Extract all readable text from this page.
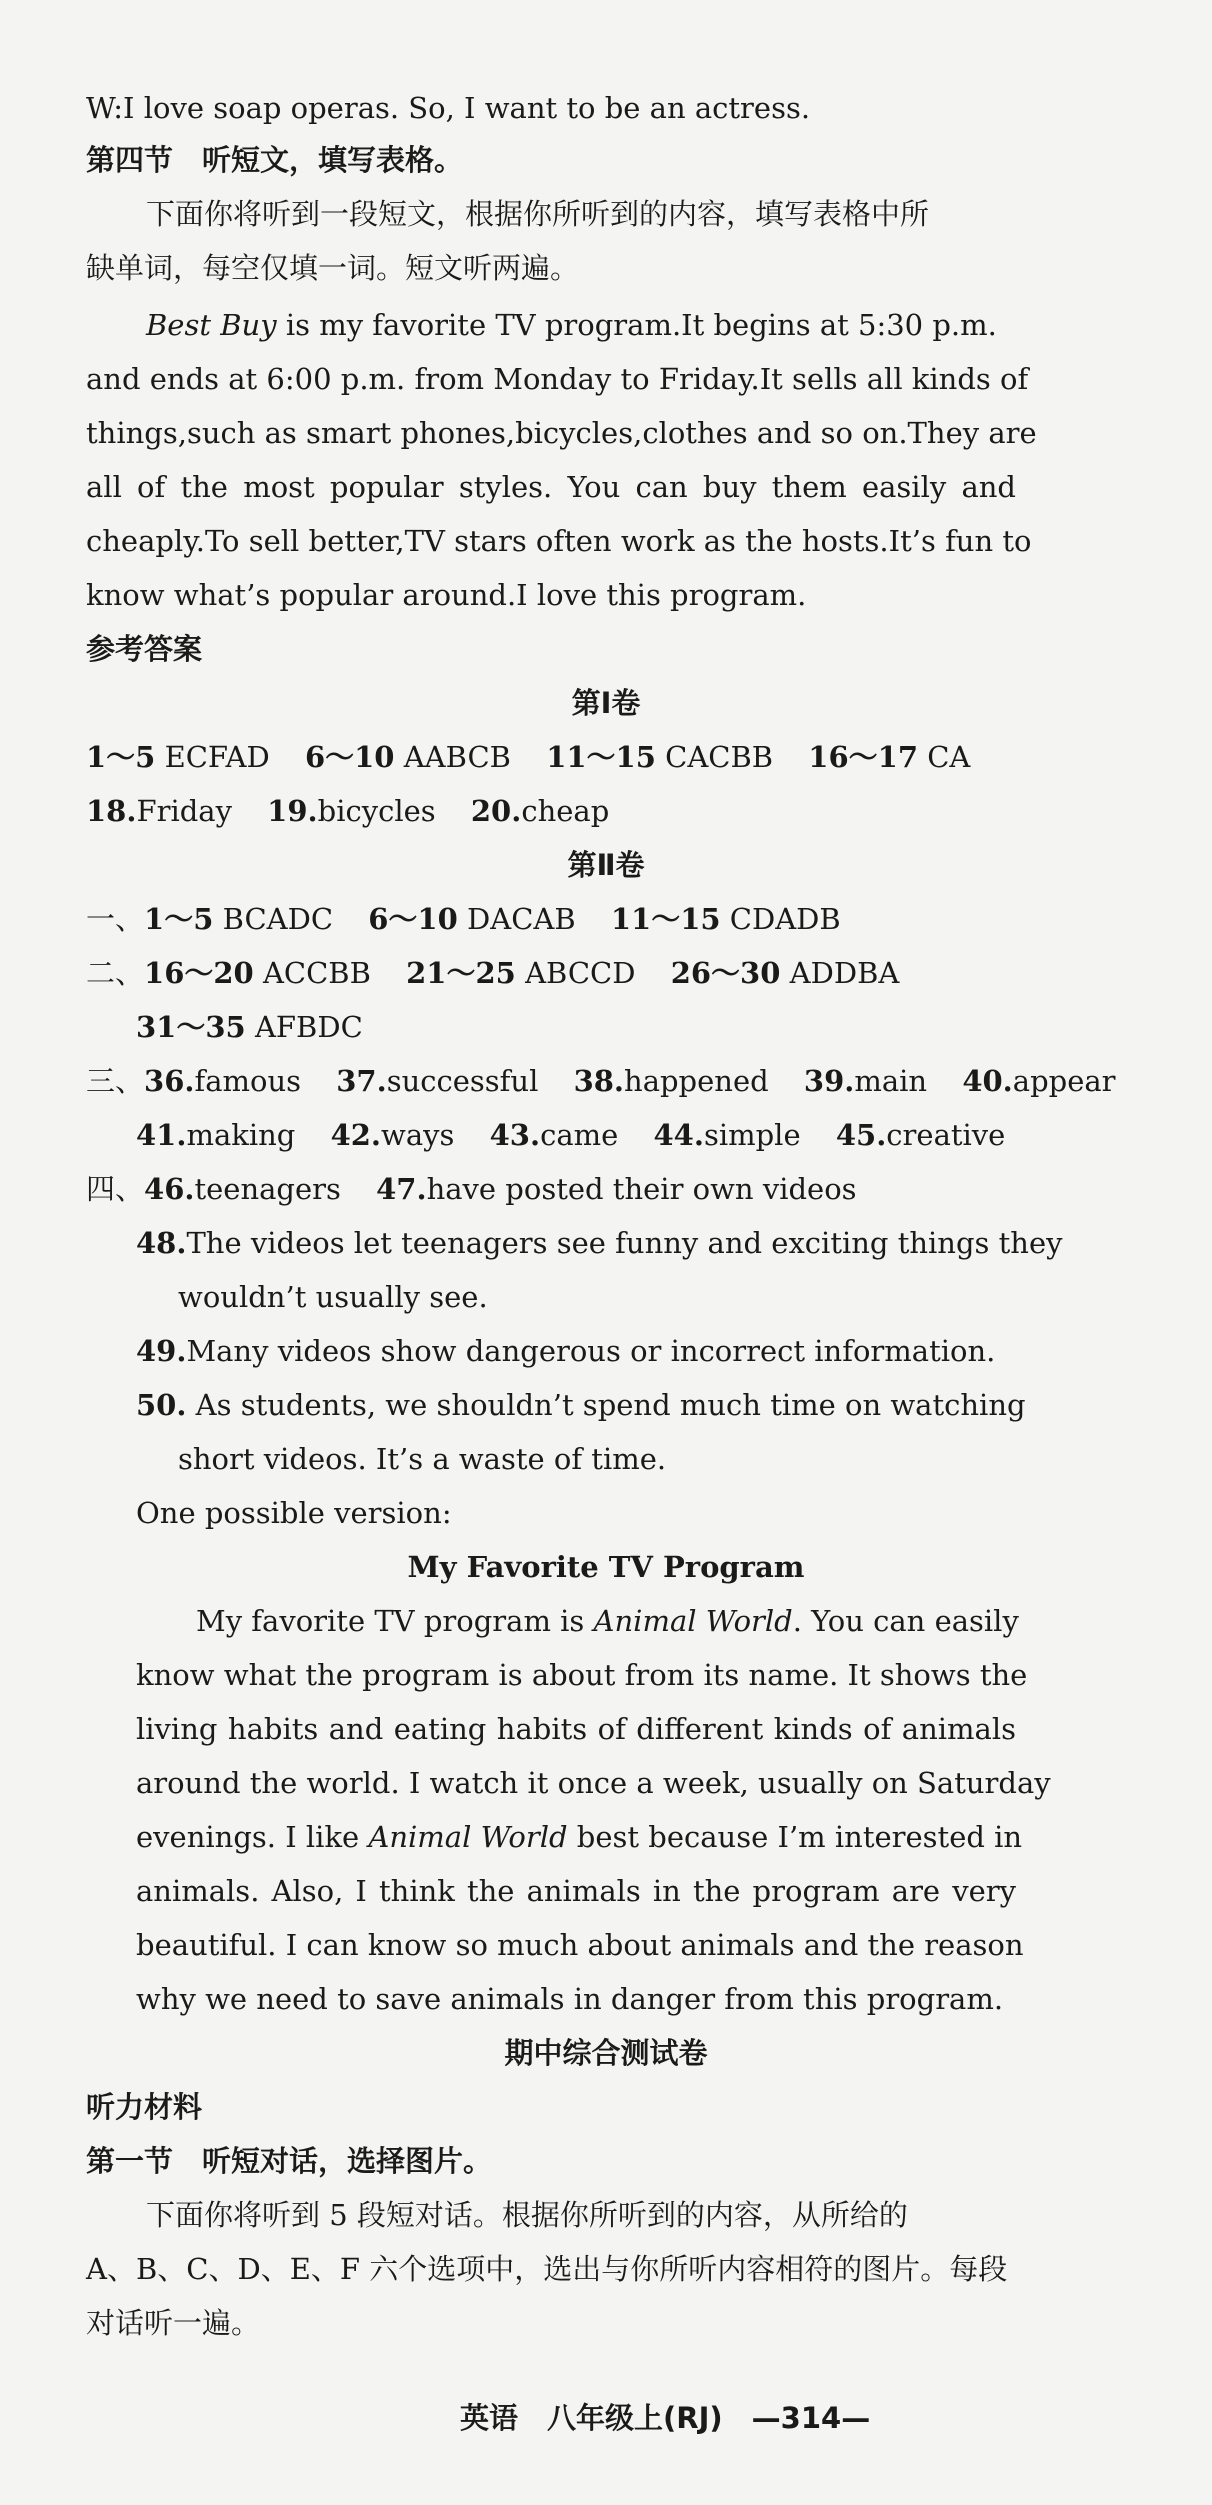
W:I love soap operas. So, I want to be an actress.
第四节　听短文，填写表格。
下面你将听到一段短文，根据你所听到的内容，填写表格中所
缺单词，每空仅填一词。短文听两遍。
Best Buy is my favorite TV program.It begins at 5:30 p.m.
and ends at 6:00 p.m. from Monday to Friday.It sells all kinds of
things,such as smart phones,bicycles,clothes and so on.They are
all of the most popular styles. You can buy them easily and
cheaply.To sell better,TV stars often work as the hosts.It’s fun to
know what’s popular around.I love this program.
参考答案
第Ⅰ卷
1～5 ECFAD 6～10 AABCB 11～15 CACBB 16～17 CA
18.Friday 19.bicycles 20.cheap
第Ⅱ卷
一、1～5 BCADC 6～10 DACAB 11～15 CDADB
二、16～20 ACCBB 21～25 ABCCD 26～30 ADDBA
31～35 AFBDC
三、36.famous 37.successful 38.happened 39.main 40.appear
41.making 42.ways 43.came 44.simple 45.creative
四、46.teenagers 47.have posted their own videos
48.The videos let teenagers see funny and exciting things they
wouldn’t usually see.
49.Many videos show dangerous or incorrect information.
50. As students, we shouldn’t spend much time on watching
short videos. It’s a waste of time.
One possible version:
My Favorite TV Program
My favorite TV program is Animal World. You can easily
know what the program is about from its name. It shows the
living habits and eating habits of different kinds of animals
around the world. I watch it once a week, usually on Saturday
evenings. I like Animal World best because I’m interested in
animals. Also, I think the animals in the program are very
beautiful. I can know so much about animals and the reason
why we need to save animals in danger from this program.
期中综合测试卷
听力材料
第一节　听短对话，选择图片。
下面你将听到 5 段短对话。根据你所听到的内容，从所给的
A、B、C、D、E、F 六个选项中，选出与你所听内容相符的图片。每段
对话听一遍。
英语　八年级上(RJ)　 —314—
